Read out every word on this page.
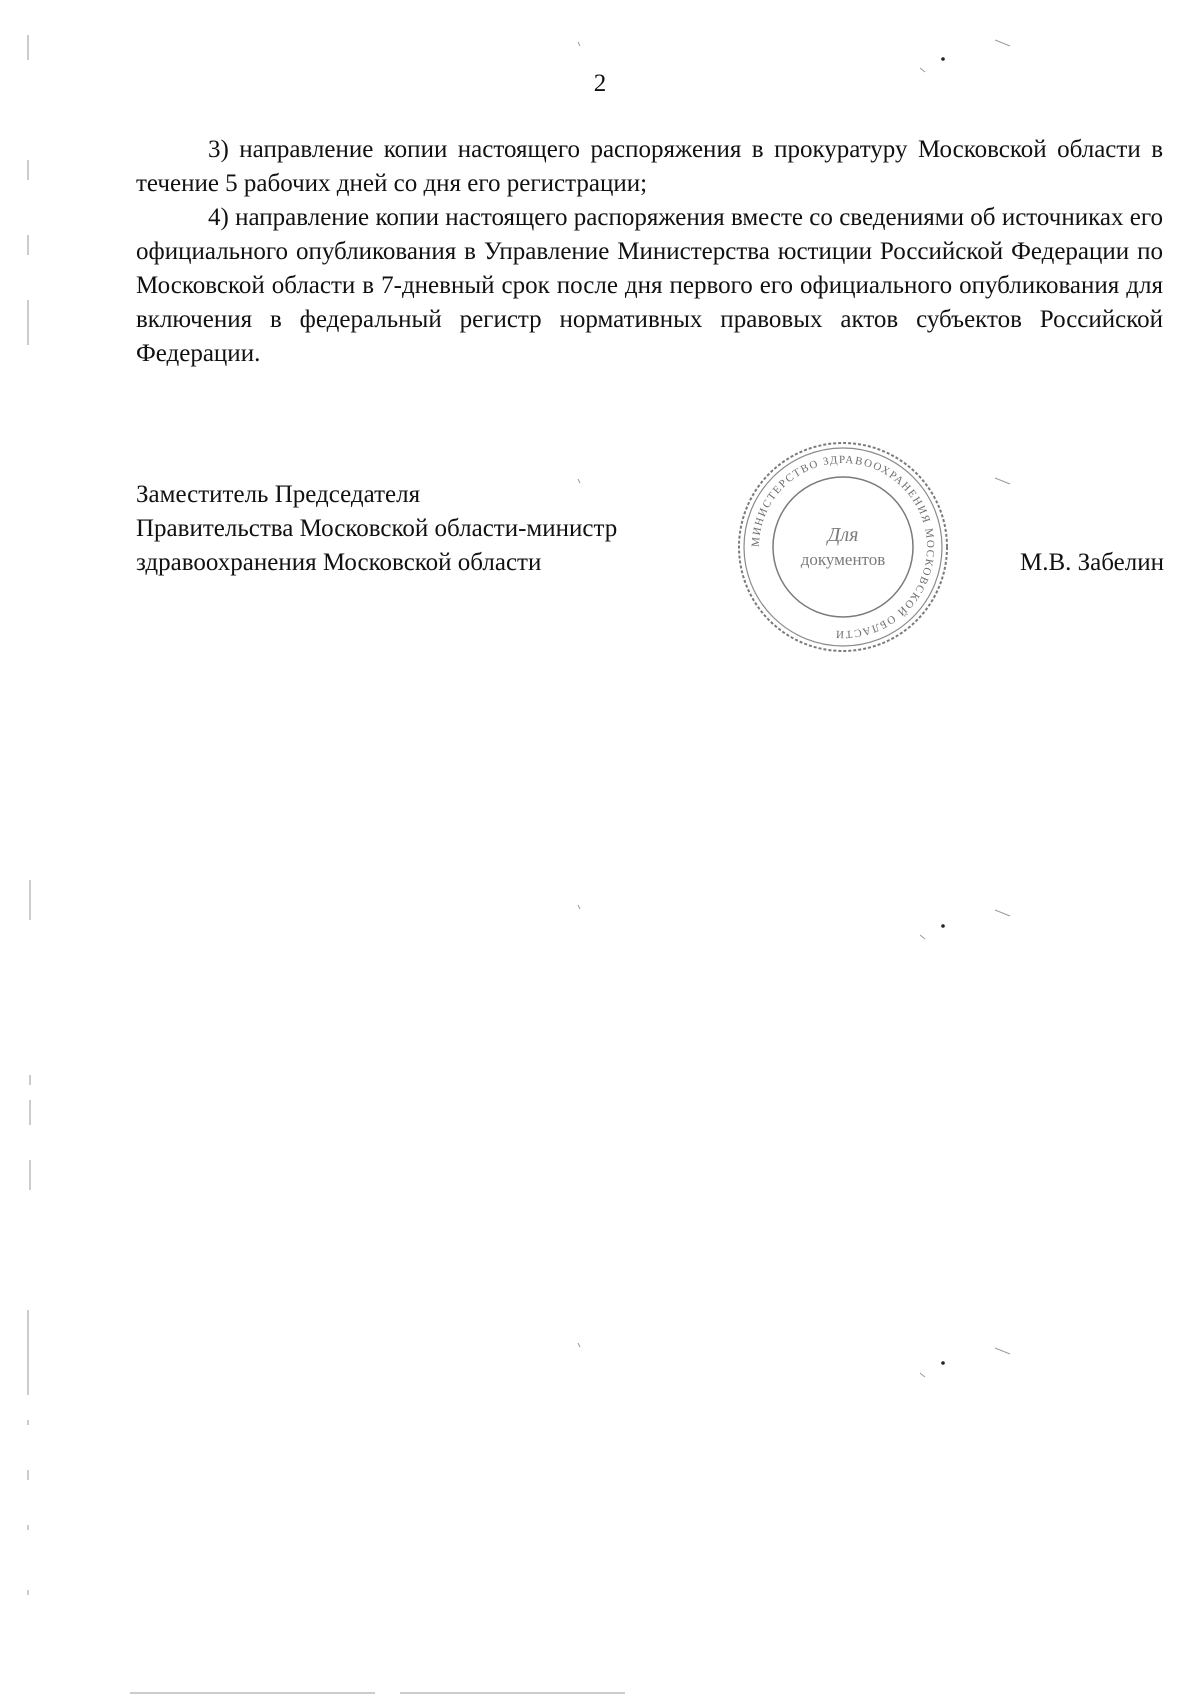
2

3) направление копии настоящего распоряжения в прокуратуру Московской области в течение 5 рабочих дней со дня его регистрации;

4) направление копии настоящего распоряжения вместе со сведениями об источниках его официального опубликования в Управление Министерства юстиции Российской Федерации по Московской области в 7-дневный срок после дня первого его официального опубликования для включения в федеральный регистр нормативных правовых актов субъектов Российской Федерации.

Заместитель Председателя
Правительства Московской области-министр
здравоохранения Московской области
МИНИСТЕРСТВО ЗДРАВООХРАНЕНИЯ МОСКОВСКОЙ ОБЛАСТИ
Для
документов	М.В. Забелин
